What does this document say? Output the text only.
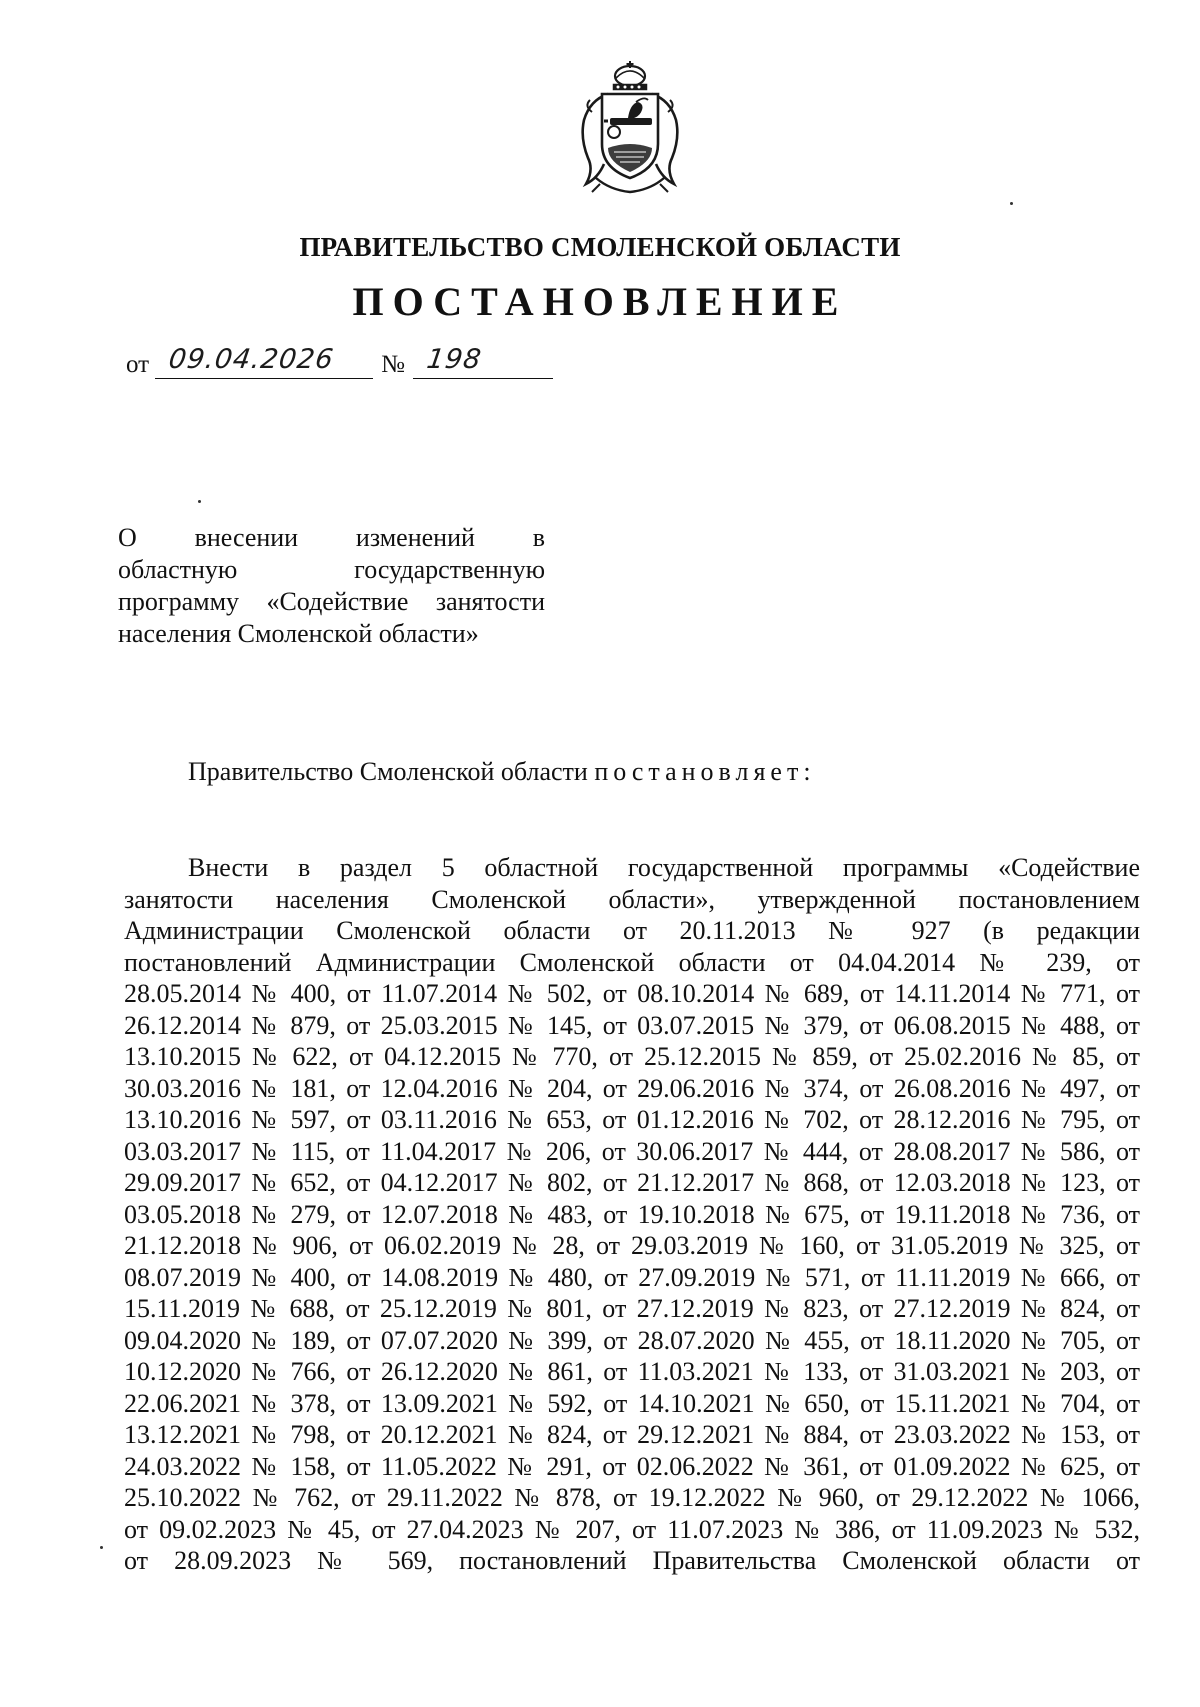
ПРАВИТЕЛЬСТВО СМОЛЕНСКОЙ ОБЛАСТИ
ПОСТАНОВЛЕНИЕ
от 09.04.2026 № 198
О внесении изменений в
областную государственную
программу «Содействие занятости
населения Смоленской области»
Правительство Смоленской области постановляет:
Внести в раздел 5 областной государственной программы «Содействие
занятости населения Смоленской области», утвержденной постановлением
Администрации Смоленской области от 20.11.2013 № 927 (в редакции
постановлений Администрации Смоленской области от 04.04.2014 № 239, от
28.05.2014 № 400, от 11.07.2014 № 502, от 08.10.2014 № 689, от 14.11.2014 № 771, от
26.12.2014 № 879, от 25.03.2015 № 145, от 03.07.2015 № 379, от 06.08.2015 № 488, от
13.10.2015 № 622, от 04.12.2015 № 770, от 25.12.2015 № 859, от 25.02.2016 № 85, от
30.03.2016 № 181, от 12.04.2016 № 204, от 29.06.2016 № 374, от 26.08.2016 № 497, от
13.10.2016 № 597, от 03.11.2016 № 653, от 01.12.2016 № 702, от 28.12.2016 № 795, от
03.03.2017 № 115, от 11.04.2017 № 206, от 30.06.2017 № 444, от 28.08.2017 № 586, от
29.09.2017 № 652, от 04.12.2017 № 802, от 21.12.2017 № 868, от 12.03.2018 № 123, от
03.05.2018 № 279, от 12.07.2018 № 483, от 19.10.2018 № 675, от 19.11.2018 № 736, от
21.12.2018 № 906, от 06.02.2019 № 28, от 29.03.2019 № 160, от 31.05.2019 № 325, от
08.07.2019 № 400, от 14.08.2019 № 480, от 27.09.2019 № 571, от 11.11.2019 № 666, от
15.11.2019 № 688, от 25.12.2019 № 801, от 27.12.2019 № 823, от 27.12.2019 № 824, от
09.04.2020 № 189, от 07.07.2020 № 399, от 28.07.2020 № 455, от 18.11.2020 № 705, от
10.12.2020 № 766, от 26.12.2020 № 861, от 11.03.2021 № 133, от 31.03.2021 № 203, от
22.06.2021 № 378, от 13.09.2021 № 592, от 14.10.2021 № 650, от 15.11.2021 № 704, от
13.12.2021 № 798, от 20.12.2021 № 824, от 29.12.2021 № 884, от 23.03.2022 № 153, от
24.03.2022 № 158, от 11.05.2022 № 291, от 02.06.2022 № 361, от 01.09.2022 № 625, от
25.10.2022 № 762, от 29.11.2022 № 878, от 19.12.2022 № 960, от 29.12.2022 № 1066,
от 09.02.2023 № 45, от 27.04.2023 № 207, от 11.07.2023 № 386, от 11.09.2023 № 532,
от 28.09.2023 № 569, постановлений Правительства Смоленской области от
